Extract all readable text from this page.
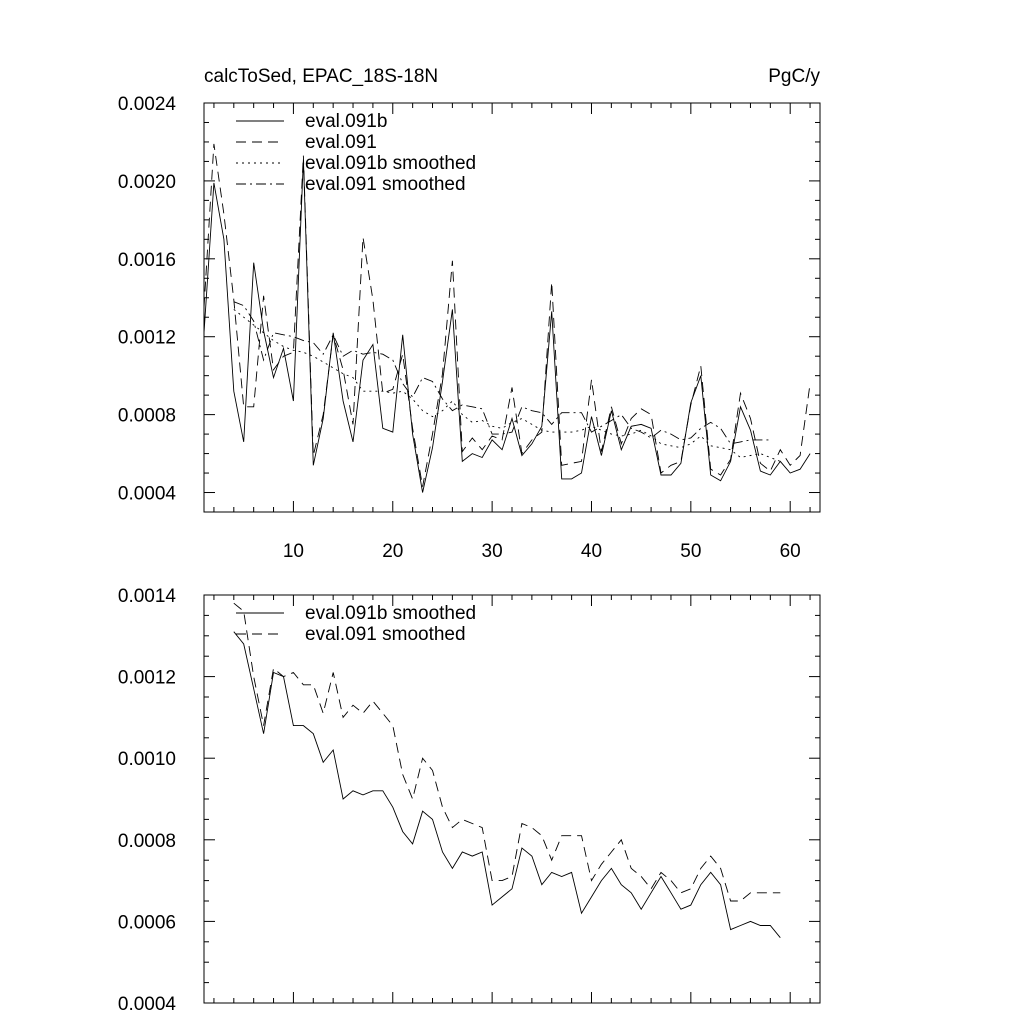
calcToSed, EPAC_18S-18N	PgC/y
10	20	30	40	50	60
0.0004
0.0008
0.0012
0.0016
0.0020
0.0024
eval.091b
eval.091
eval.091b smoothed
eval.091 smoothed
0.0004
0.0006
0.0008
0.0010
0.0012
0.0014
eval.091b smoothed
eval.091 smoothed
